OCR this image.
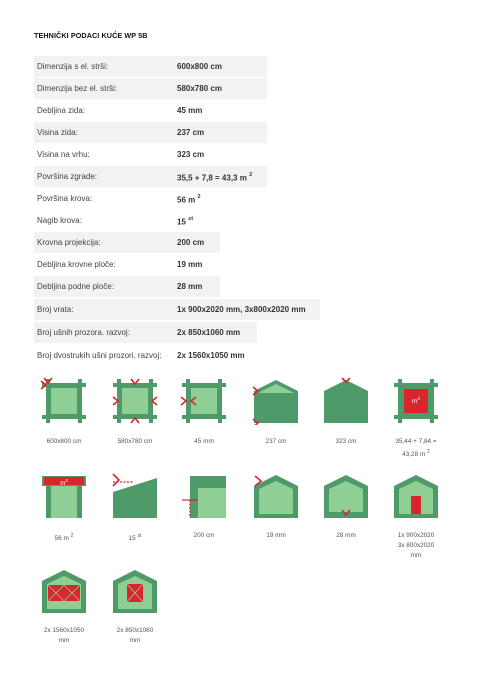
TEHNIČKI PODACI KUĆE WP 5B
Dimenzija s el. strši:	600x800 cm
Dimenzija bez el. strši:	580x780 cm
Debljina zida:	45 mm
Visina zida:	237 cm
Visina na vrhu:	323 cm
Površina zgrade:	35,5 + 7,8 = 43,3 m $^2$
Površina krova:	56 m $^2$
Nagib krova:	15 $^{st}$
Krovna projekcija:	200 cm
Debljina krovne ploče:	19 mm
Debljina podne ploče:	28 mm
Broj vrata:	1x 900x2020 mm, 3x800x2020 mm
Broj ušnih prozora. razvoj:	2x 850x1060 mm
Broj dvostrukih ušni prozori. razvoj: 2x 1560x1050 mm
600x800 cm	580x780 cm	45 mm	237 cm	323 cm
$m^2$
35,44 + 7,84 =
43,28 m $^2$
$m^2$
56 m $^2$	15 $^{st}$	200 cm	19 mm	28 mm	1x 900x2020
3x 800x2020
mm
2x 1560x1050
mm
2x 850x1060
mm
